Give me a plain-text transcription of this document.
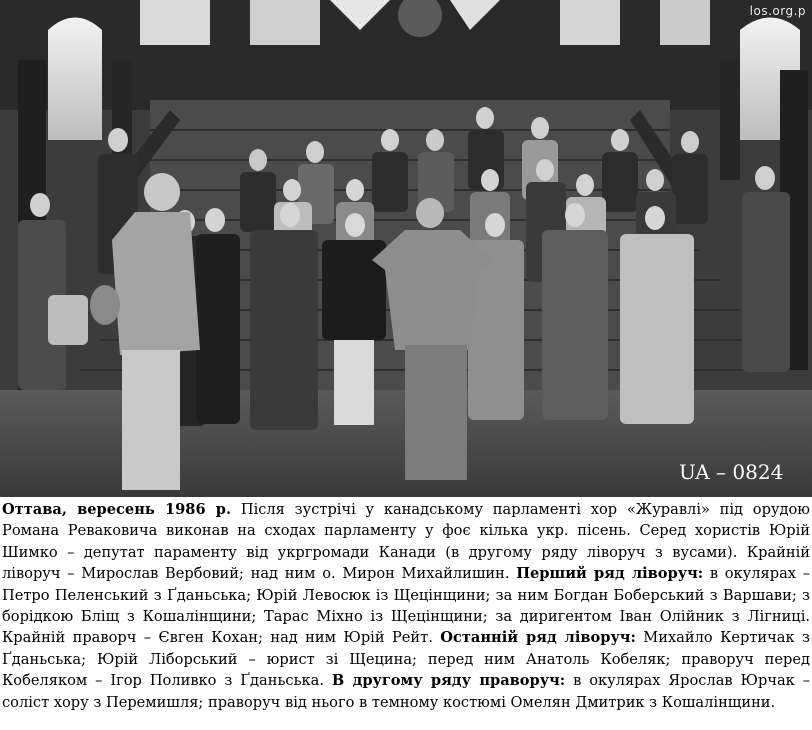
los.org.p
UA – 0824
Оттава, вересень 1986 р. Після зустрічі у канадському парламенті хор «Журавлі» під орудою Романа Реваковича виконав на сходах парламенту у фоє кілька укр. пісень. Серед хористів Юрій Шимко – депутат параменту від укргромади Канади (в другому ряду ліворуч з вусами). Крайній ліворуч – Мирослав Вербовий; над ним о. Мирон Михайлишин. Перший ряд ліворуч: в окулярах – Петро Пеленський з Ґданьська; Юрій Левосюк із Щецінщини; за ним Богдан Боберський з Варшави; з борідкою Бліщ з Кошалінщини; Тарас Міхно із Щецінщини; за диригентом Іван Олійник з Лігниці. Крайній праворч – Євген Кохан; над ним Юрій Рейт. Останній ряд ліворуч: Михайло Кертичак з Ґданьська; Юрій Ліборський – юрист зі Щецина; перед ним Анатоль Кобеляк; праворуч перед Кобеляком – Ігор Поливко з Ґданьська. В другому ряду праворуч: в окулярах Ярослав Юрчак – соліст хору з Перемишля; праворуч від нього в темному костюмі Омелян Дмитрик з Кошалінщини.
